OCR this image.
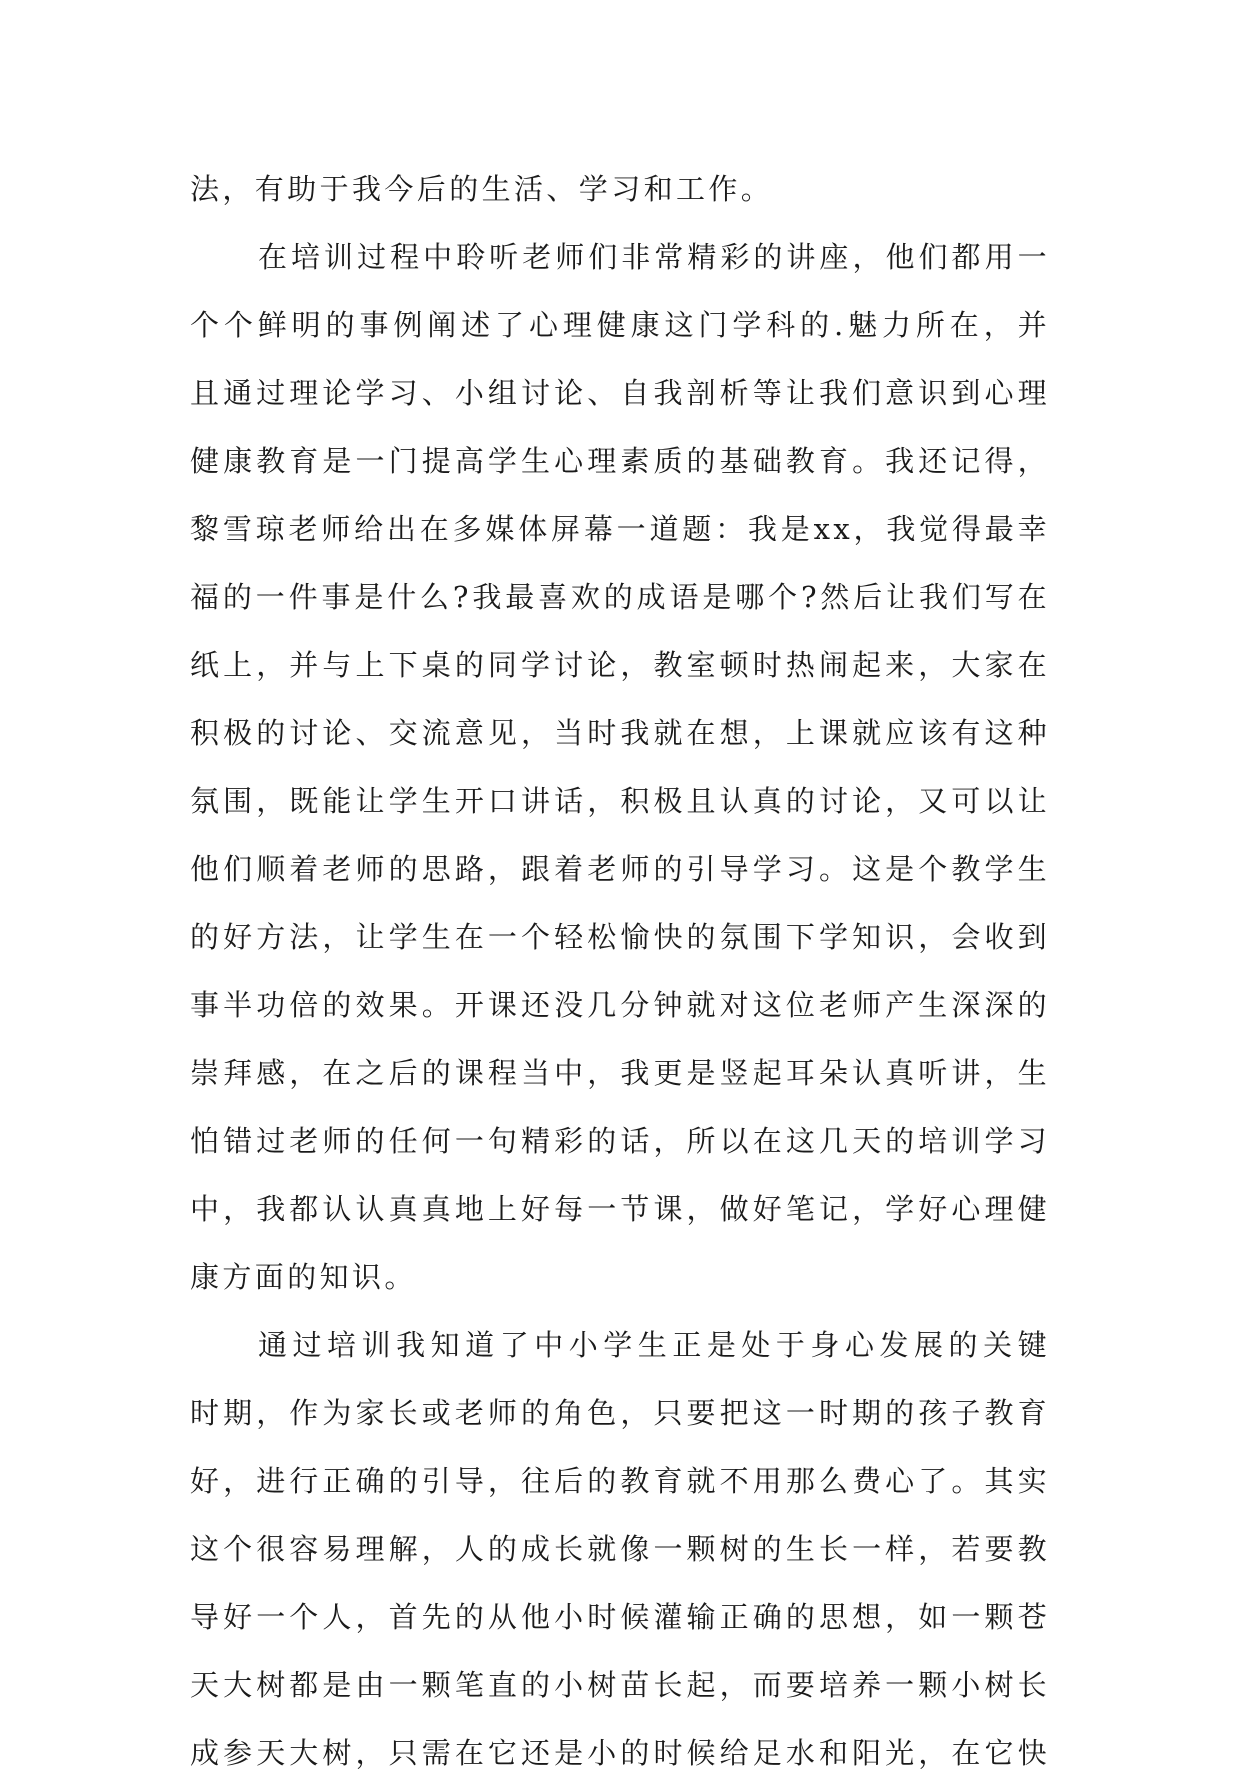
法，有助于我今后的生活、学习和工作。
在培训过程中聆听老师们非常精彩的讲座，他们都用一
个个鲜明的事例阐述了心理健康这门学科的.魅力所在，并
且通过理论学习、小组讨论、自我剖析等让我们意识到心理
健康教育是一门提高学生心理素质的基础教育。我还记得，
黎雪琼老师给出在多媒体屏幕一道题：我是xx，我觉得最幸
福的一件事是什么?我最喜欢的成语是哪个?然后让我们写在
纸上，并与上下桌的同学讨论，教室顿时热闹起来，大家在
积极的讨论、交流意见，当时我就在想，上课就应该有这种
氛围，既能让学生开口讲话，积极且认真的讨论，又可以让
他们顺着老师的思路，跟着老师的引导学习。这是个教学生
的好方法，让学生在一个轻松愉快的氛围下学知识，会收到
事半功倍的效果。开课还没几分钟就对这位老师产生深深的
崇拜感，在之后的课程当中，我更是竖起耳朵认真听讲，生
怕错过老师的任何一句精彩的话，所以在这几天的培训学习
中，我都认认真真地上好每一节课，做好笔记，学好心理健
康方面的知识。
通过培训我知道了中小学生正是处于身心发展的关键
时期，作为家长或老师的角色，只要把这一时期的孩子教育
好，进行正确的引导，往后的教育就不用那么费心了。其实
这个很容易理解，人的成长就像一颗树的生长一样，若要教
导好一个人，首先的从他小时候灌输正确的思想，如一颗苍
天大树都是由一颗笔直的小树苗长起，而要培养一颗小树长
成参天大树，只需在它还是小的时候给足水和阳光，在它快
